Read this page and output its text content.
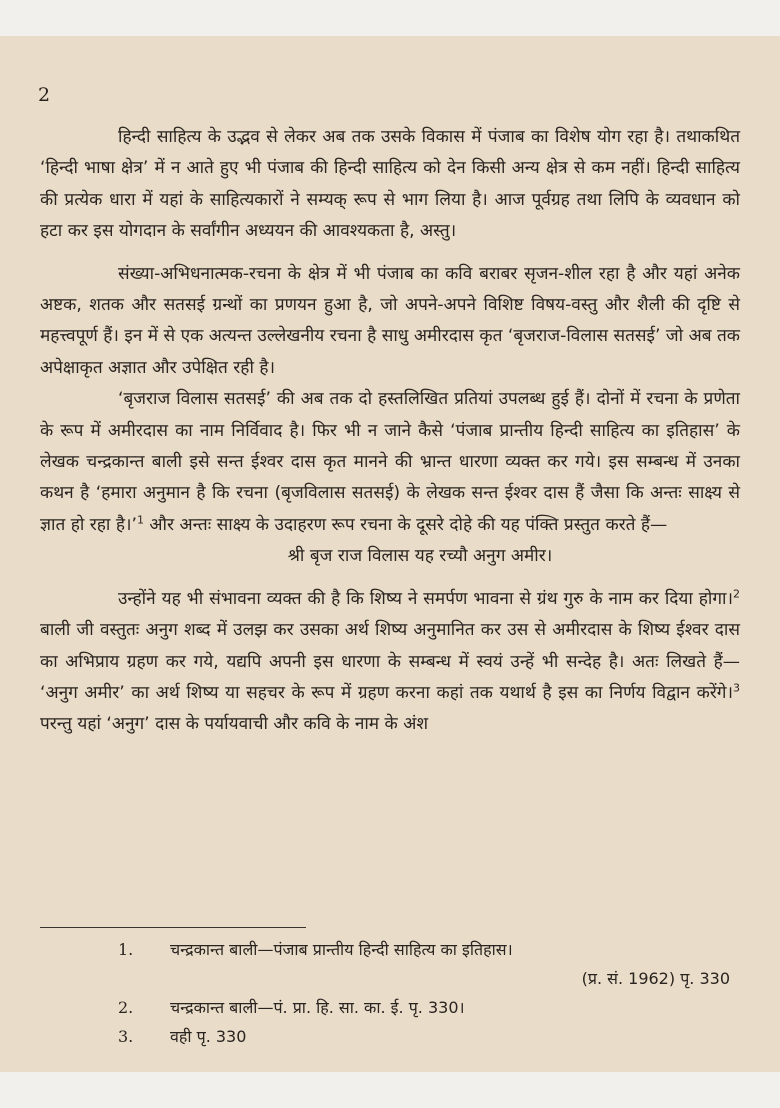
2

हिन्दी साहित्य के उद्भव से लेकर अब तक उसके विकास में पंजाब का विशेष योग रहा है। तथाकथित ‘हिन्दी भाषा क्षेत्र’ में न आते हुए भी पंजाब की हिन्दी साहित्य को देन किसी अन्य क्षेत्र से कम नहीं। हिन्दी साहित्य की प्रत्येक धारा में यहां के साहित्यकारों ने सम्यक् रूप से भाग लिया है। आज पूर्वग्रह तथा लिपि के व्यवधान को हटा कर इस योगदान के सर्वांगीन अध्ययन की आवश्यकता है, अस्तु।

संख्या-अभिधनात्मक-रचना के क्षेत्र में भी पंजाब का कवि बराबर सृजन-शील रहा है और यहां अनेक अष्टक, शतक और सतसई ग्रन्थों का प्रणयन हुआ है, जो अपने-अपने विशिष्ट विषय-वस्तु और शैली की दृष्टि से महत्त्वपूर्ण हैं। इन में से एक अत्यन्त उल्लेखनीय रचना है साधु अमीरदास कृत ‘बृजराज-विलास सतसई’ जो अब तक अपेक्षाकृत अज्ञात और उपेक्षित रही है।

‘बृजराज विलास सतसई’ की अब तक दो हस्तलिखित प्रतियां उपलब्ध हुई हैं। दोनों में रचना के प्रणेता के रूप में अमीरदास का नाम निर्विवाद है। फिर भी न जाने कैसे ‘पंजाब प्रान्तीय हिन्दी साहित्य का इतिहास’ के लेखक चन्द्रकान्त बाली इसे सन्त ईश्वर दास कृत मानने की भ्रान्त धारणा व्यक्त कर गये। इस सम्बन्ध में उनका कथन है ‘हमारा अनुमान है कि रचना (बृजविलास सतसई) के लेखक सन्त ईश्वर दास हैं जैसा कि अन्तः साक्ष्य से ज्ञात हो रहा है।’$^1$ और अन्तः साक्ष्य के उदाहरण रूप रचना के दूसरे दोहे की यह पंक्ति प्रस्तुत करते हैं—

श्री बृज राज विलास यह रच्यौ अनुग अमीर।

उन्होंने यह भी संभावना व्यक्त की है कि शिष्य ने समर्पण भावना से ग्रंथ गुरु के नाम कर दिया होगा।$^2$ बाली जी वस्तुतः अनुग शब्द में उलझ कर उसका अर्थ शिष्य अनुमानित कर उस से अमीरदास के शिष्य ईश्वर दास का अभिप्राय ग्रहण कर गये, यद्यपि अपनी इस धारणा के सम्बन्ध में स्वयं उन्हें भी सन्देह है। अतः लिखते हैं— ‘अनुग अमीर’ का अर्थ शिष्य या सहचर के रूप में ग्रहण करना कहां तक यथार्थ है इस का निर्णय विद्वान करेंगे।$^3$ परन्तु यहां ‘अनुग’ दास के पर्यायवाची और कवि के नाम के अंश

1. चन्द्रकान्त बाली—पंजाब प्रान्तीय हिन्दी साहित्य का इतिहास।
(प्र. सं. 1962) पृ. 330
2. चन्द्रकान्त बाली—पं. प्रा. हि. सा. का. ई. पृ. 330।
3. वही पृ. 330
